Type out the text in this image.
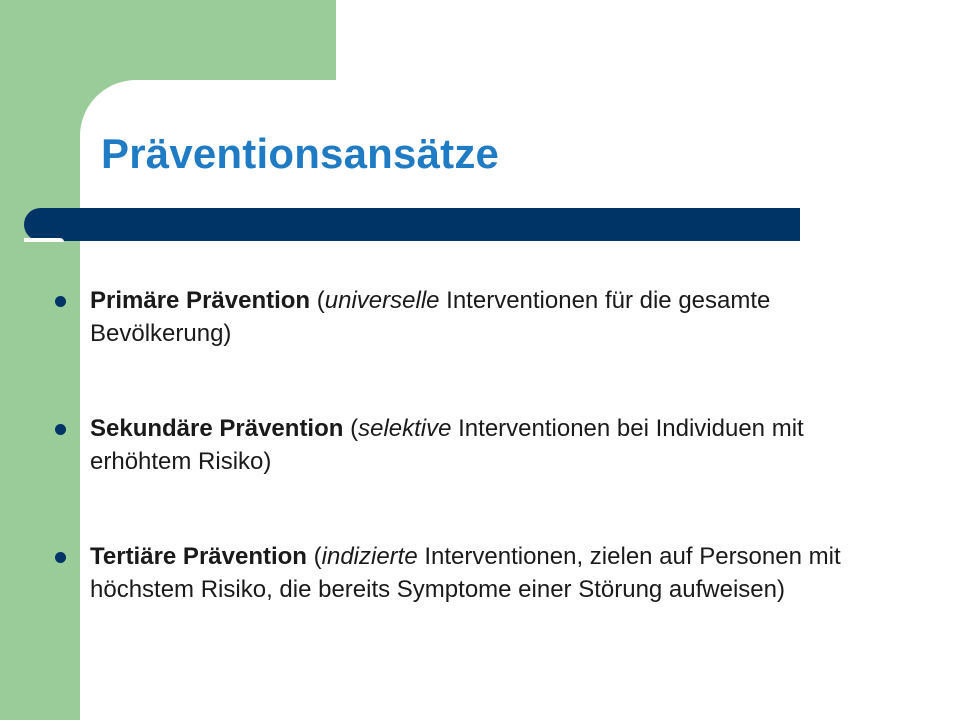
Präventionsansätze
Primäre Prävention (universelle Interventionen für die gesamte Bevölkerung)
Sekundäre Prävention (selektive Interventionen bei Individuen mit erhöhtem Risiko)
Tertiäre Prävention (indizierte Interventionen, zielen auf Personen mit höchstem Risiko, die bereits Symptome einer Störung aufweisen)
